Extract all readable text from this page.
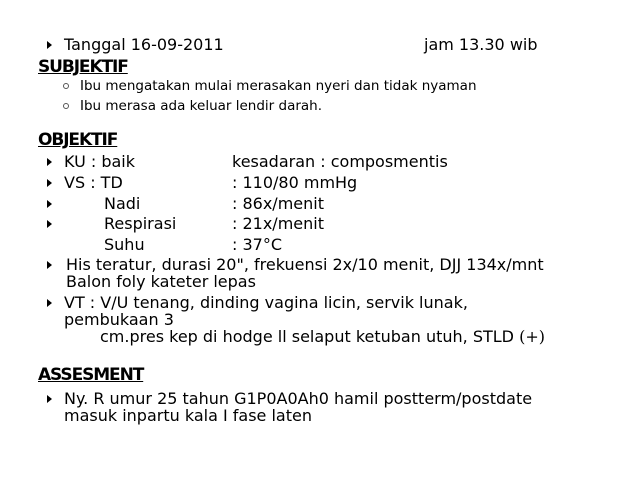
Tanggal 16-09-2011	jam 13.30 wib
SUBJEKTIF
Ibu mengatakan mulai merasakan nyeri dan tidak nyaman
Ibu merasa ada keluar lendir darah.
OBJEKTIF
KU : baik	kesadaran : composmentis
VS : TD	: 110/80 mmHg
Nadi	: 86x/menit
Respirasi	: 21x/menit
Suhu	: 37°C
His teratur, durasi 20", frekuensi 2x/10 menit, DJJ 134x/mnt
Balon foly kateter lepas
VT : V/U tenang, dinding vagina licin, servik lunak,
pembukaan 3
cm.pres kep di hodge ll selaput ketuban utuh, STLD (+)
ASSESMENT
Ny. R umur 25 tahun G1P0A0Ah0 hamil postterm/postdate
masuk inpartu kala I fase laten
